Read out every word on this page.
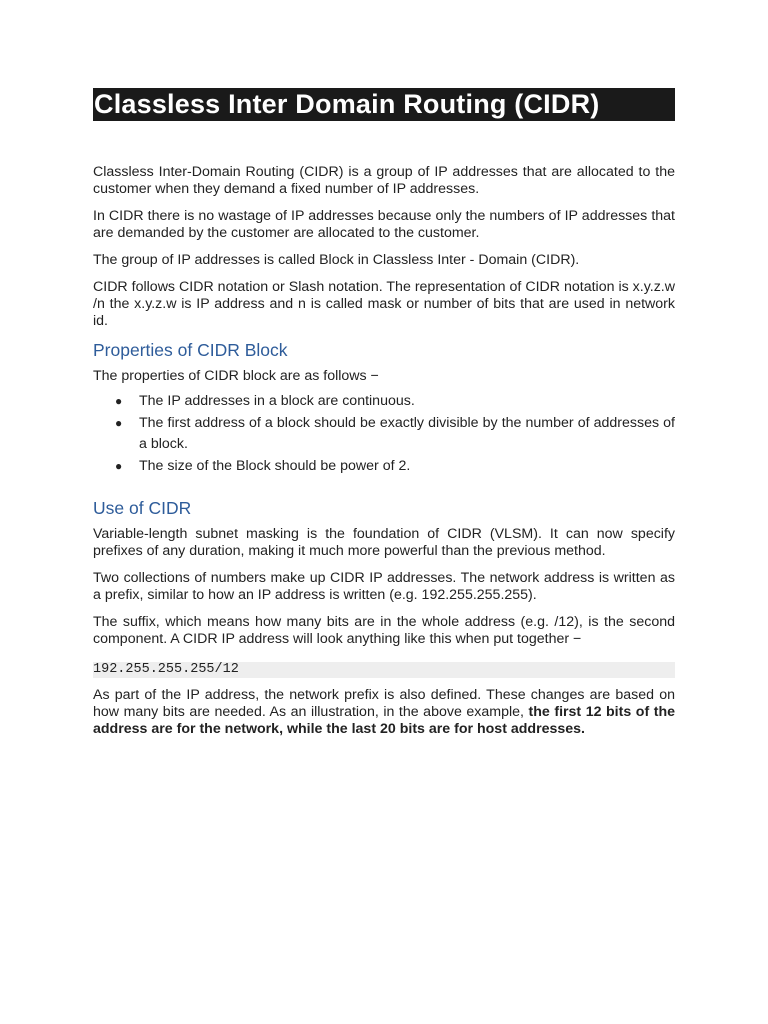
Classless Inter Domain Routing (CIDR)

Classless Inter-Domain Routing (CIDR) is a group of IP addresses that are allocated to the customer when they demand a fixed number of IP addresses.

In CIDR there is no wastage of IP addresses because only the numbers of IP addresses that are demanded by the customer are allocated to the customer.

The group of IP addresses is called Block in Classless Inter - Domain (CIDR).

CIDR follows CIDR notation or Slash notation. The representation of CIDR notation is x.y.z.w /n the x.y.z.w is IP address and n is called mask or number of bits that are used in network id.

Properties of CIDR Block

The properties of CIDR block are as follows −

● The IP addresses in a block are continuous.
● The first address of a block should be exactly divisible by the number of addresses of a block.
● The size of the Block should be power of 2.
Use of CIDR

Variable-length subnet masking is the foundation of CIDR (VLSM). It can now specify prefixes of any duration, making it much more powerful than the previous method.

Two collections of numbers make up CIDR IP addresses. The network address is written as a prefix, similar to how an IP address is written (e.g. 192.255.255.255).

The suffix, which means how many bits are in the whole address (e.g. /12), is the second component. A CIDR IP address will look anything like this when put together −

192.255.255.255/12

As part of the IP address, the network prefix is also defined. These changes are based on how many bits are needed. As an illustration, in the above example, the first 12 bits of the address are for the network, while the last 20 bits are for host addresses.
